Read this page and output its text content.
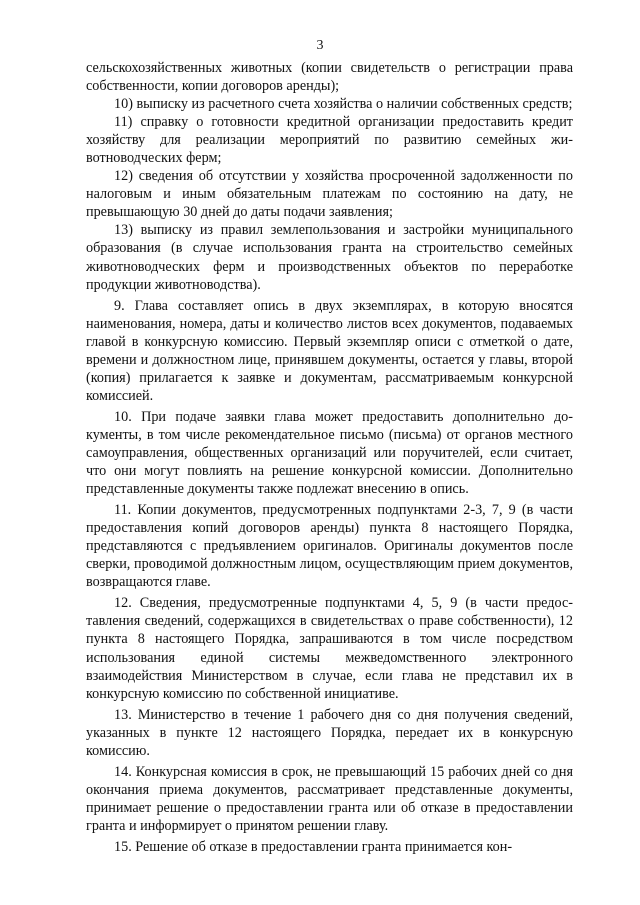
3

сельскохозяйственных животных (копии свидетельств о регистрации права собственности, копии договоров аренды);

10) выписку из расчетного счета хозяйства о наличии собственных средств;

11) справку о готовности кредитной организации предоставить кредит хозяйству для реализации мероприятий по развитию семейных животноводческих ферм;

12) сведения об отсутствии у хозяйства просроченной задолженности по налоговым и иным обязательным платежам по состоянию на дату, не превышающую 30 дней до даты подачи заявления;

13) выписку из правил землепользования и застройки муниципального образования (в случае использования гранта на строительство семейных животноводческих ферм и производственных объектов по переработке продукции животноводства).

9. Глава составляет опись в двух экземплярах, в которую вносятся наименования, номера, даты и количество листов всех документов, подаваемых главой в конкурсную комиссию. Первый экземпляр описи с отметкой о дате, времени и должностном лице, принявшем документы, остается у главы, второй (копия) прилагается к заявке и документам, рассматриваемым конкурсной комиссией.

10. При подаче заявки глава может предоставить дополнительно документы, в том числе рекомендательное письмо (письма) от органов местного самоуправления, общественных организаций или поручителей, если считает, что они могут повлиять на решение конкурсной комиссии. Дополнительно представленные документы также подлежат внесению в опись.

11. Копии документов, предусмотренных подпунктами 2-3, 7, 9 (в части предоставления копий договоров аренды) пункта 8 настоящего Порядка, представляются с предъявлением оригиналов. Оригиналы документов после сверки, проводимой должностным лицом, осуществляющим прием документов, возвращаются главе.

12. Сведения, предусмотренные подпунктами 4, 5, 9 (в части предоставления сведений, содержащихся в свидетельствах о праве собственности), 12 пункта 8 настоящего Порядка, запрашиваются в том числе посредством использования единой системы межведомственного электронного взаимодействия Министерством в случае, если глава не представил их в конкурсную комиссию по собственной инициативе.

13. Министерство в течение 1 рабочего дня со дня получения сведений, указанных в пункте 12 настоящего Порядка, передает их в конкурсную комиссию.

14. Конкурсная комиссия в срок, не превышающий 15 рабочих дней со дня окончания приема документов, рассматривает представленные документы, принимает решение о предоставлении гранта или об отказе в предоставлении гранта и информирует о принятом решении главу.

15. Решение об отказе в предоставлении гранта принимается кон-
